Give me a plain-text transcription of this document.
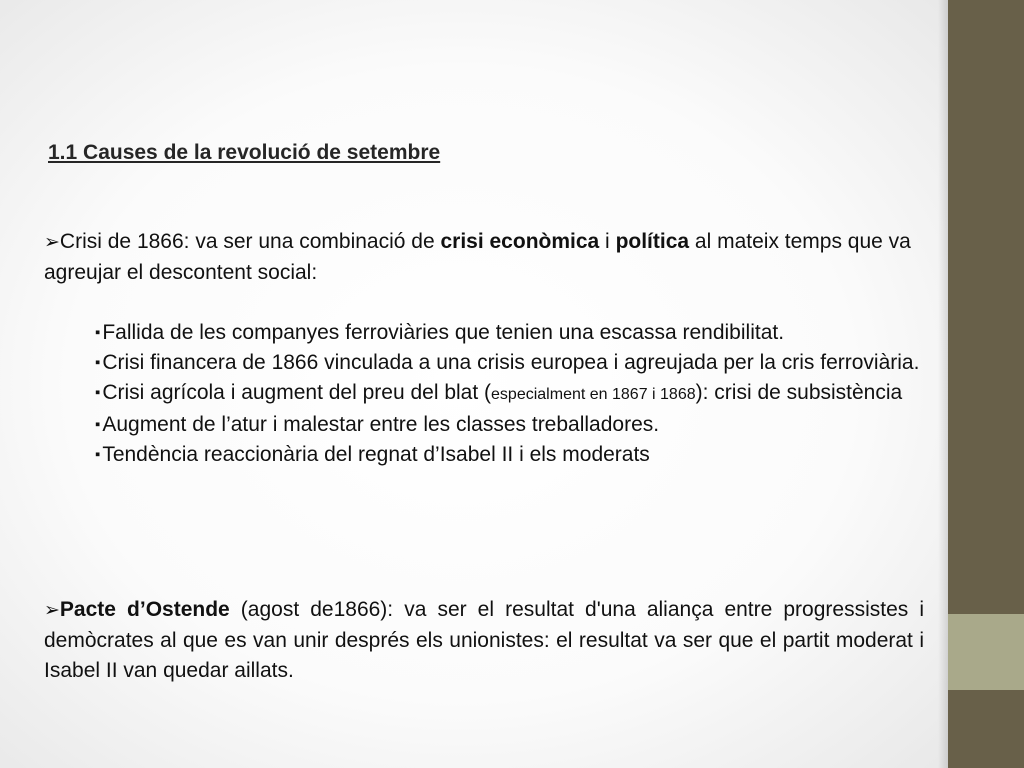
1.1 Causes de la revolució de setembre

➢Crisi de 1866: va ser una combinació de crisi econòmica i política al mateix temps que va agreujar el descontent social:

▪Fallida de les companyes ferroviàries que tenien una escassa rendibilitat.

▪Crisi financera de 1866 vinculada a una crisis europea i agreujada per la cris ferroviària.

▪Crisi agrícola i augment del preu del blat (especialment en 1867 i 1868): crisi de subsistència

▪Augment de l’atur i malestar entre les classes treballadores.

▪Tendència reaccionària del regnat d’Isabel II i els moderats

➢Pacte d’Ostende (agost de1866): va ser el resultat d'una aliança entre progressistes i demòcrates al que es van unir després els unionistes: el resultat va ser que el partit moderat i Isabel II van quedar aillats.
